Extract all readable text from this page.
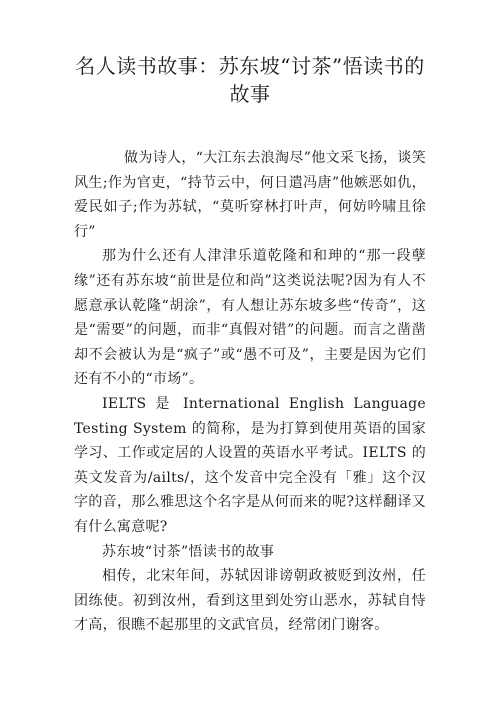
名人读书故事：苏东坡“讨茶”悟读书的故事

做为诗人，“大江东去浪淘尽”他文采飞扬，谈笑风生;作为官吏，“持节云中，何日遣冯唐”他嫉恶如仇，爱民如子;作为苏轼，“莫听穿林打叶声，何妨吟啸且徐行”

那为什么还有人津津乐道乾隆和和珅的“那一段孽缘”还有苏东坡“前世是位和尚”这类说法呢?因为有人不愿意承认乾隆“胡涂”，有人想让苏东坡多些“传奇”，这是“需要”的问题，而非“真假对错”的问题。而言之凿凿却不会被认为是“疯子”或“愚不可及”，主要是因为它们还有不小的“市场”。

IELTS 是 International English Language Testing System 的简称，是为打算到使用英语的国家学习、工作或定居的人设置的英语水平考试。IELTS 的英文发音为/ailts/，这个发音中完全没有「雅」这个汉字的音，那么雅思这个名字是从何而来的呢?这样翻译又有什么寓意呢?

苏东坡“讨茶”悟读书的故事

相传，北宋年间，苏轼因诽谤朝政被贬到汝州，任团练使。初到汝州，看到这里到处穷山恶水，苏轼自恃才高，很瞧不起那里的文武官员，经常闭门谢客。
